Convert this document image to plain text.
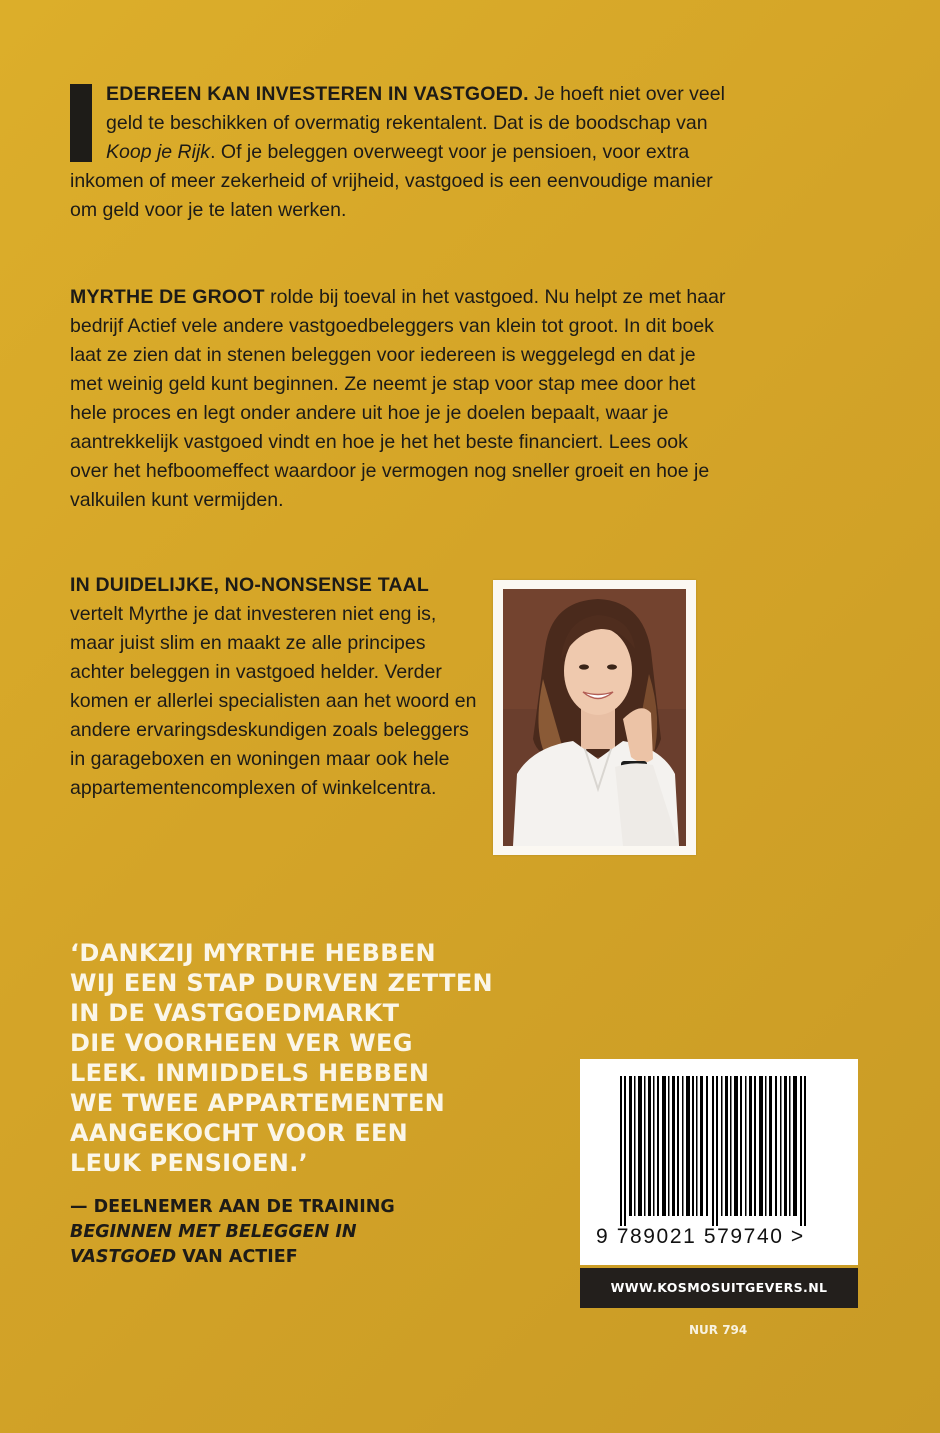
EDEREEN KAN INVESTEREN IN VASTGOED. Je hoeft niet over veel geld te beschikken of overmatig rekentalent. Dat is de boodschap van Koop je Rijk. Of je beleggen overweegt voor je pensioen, voor extra inkomen of meer zekerheid of vrijheid, vastgoed is een eenvoudige manier om geld voor je te laten werken.
MYRTHE DE GROOT rolde bij toeval in het vastgoed. Nu helpt ze met haar bedrijf Actief vele andere vastgoedbeleggers van klein tot groot. In dit boek laat ze zien dat in stenen beleggen voor iedereen is weggelegd en dat je met weinig geld kunt beginnen. Ze neemt je stap voor stap mee door het hele proces en legt onder andere uit hoe je je doelen bepaalt, waar je aantrekkelijk vastgoed vindt en hoe je het het beste financiert. Lees ook over het hefboomeffect waardoor je vermogen nog sneller groeit en hoe je valkuilen kunt vermijden.
IN DUIDELIJKE, NO-NONSENSE TAAL vertelt Myrthe je dat investeren niet eng is, maar juist slim en maakt ze alle principes achter beleggen in vastgoed helder. Verder komen er allerlei specialisten aan het woord en andere ervaringsdeskundigen zoals beleggers in garageboxen en woningen maar ook hele appartementencomplexen of winkelcentra.
‘DANKZIJ MYRTHE HEBBEN
WIJ EEN STAP DURVEN ZETTEN
IN DE VASTGOEDMARKT
DIE VOORHEEN VER WEG
LEEK. INMIDDELS HEBBEN
WE TWEE APPARTEMENTEN
AANGEKOCHT VOOR EEN
LEUK PENSIOEN.’
— DEELNEMER AAN DE TRAINING
BEGINNEN MET BELEGGEN IN
VASTGOED VAN ACTIEF
9 789021 579740 >
WWW.KOSMOSUITGEVERS.NL
NUR 794
